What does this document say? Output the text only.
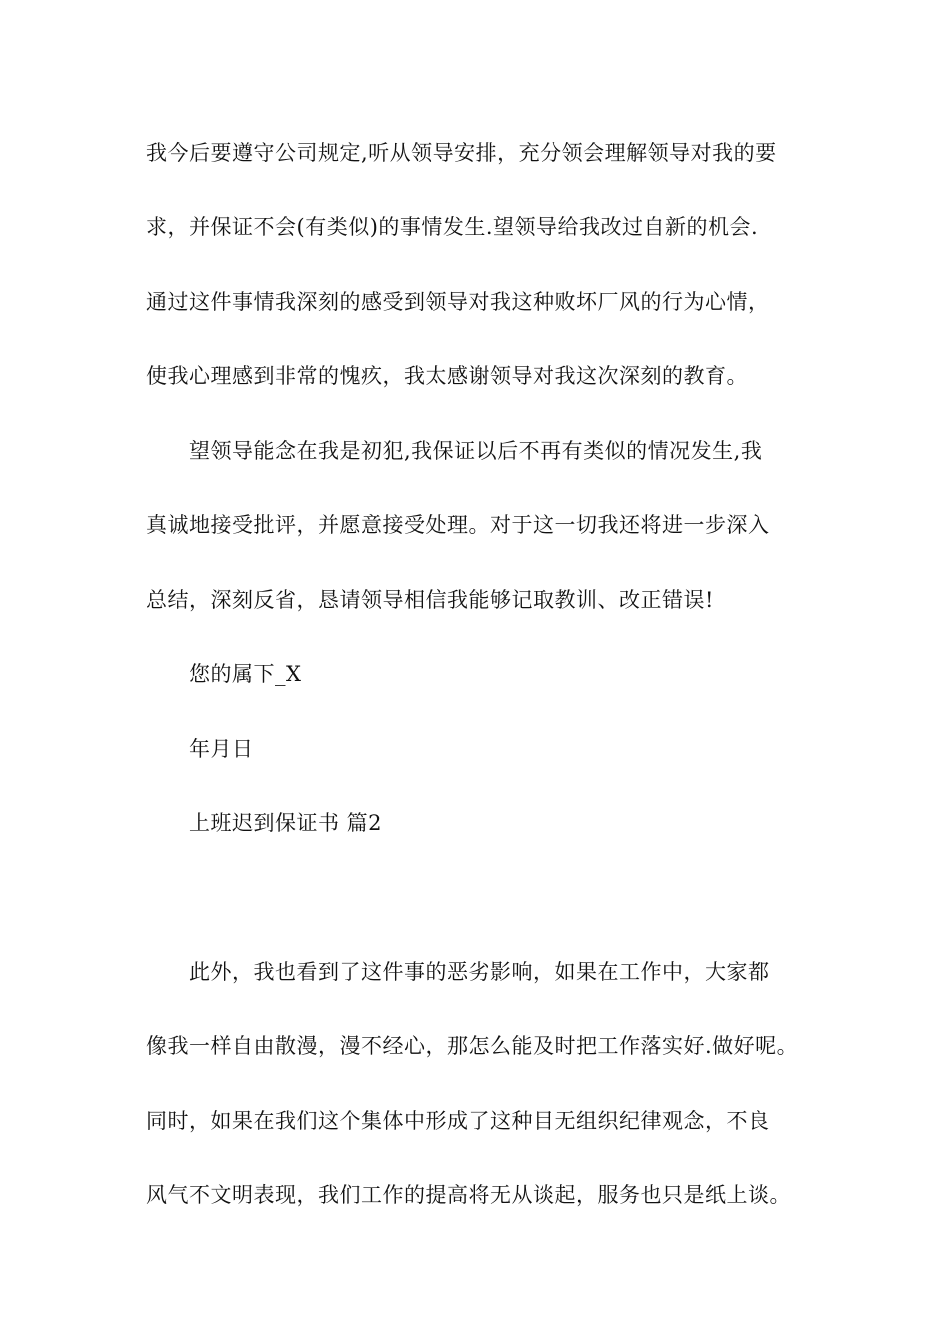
我今后要遵守公司规定,听从领导安排，充分领会理解领导对我的要
求，并保证不会(有类似)的事情发生.望领导给我改过自新的机会.
通过这件事情我深刻的感受到领导对我这种败坏厂风的行为心情，
使我心理感到非常的愧疚，我太感谢领导对我这次深刻的教育。
望领导能念在我是初犯,我保证以后不再有类似的情况发生,我
真诚地接受批评，并愿意接受处理。对于这一切我还将进一步深入
总结，深刻反省，恳请领导相信我能够记取教训、改正错误!
您的属下_X
年月日
上班迟到保证书 篇2
此外，我也看到了这件事的恶劣影响，如果在工作中，大家都
像我一样自由散漫，漫不经心，那怎么能及时把工作落实好.做好呢。
同时，如果在我们这个集体中形成了这种目无组织纪律观念，不良
风气不文明表现，我们工作的提高将无从谈起，服务也只是纸上谈。
